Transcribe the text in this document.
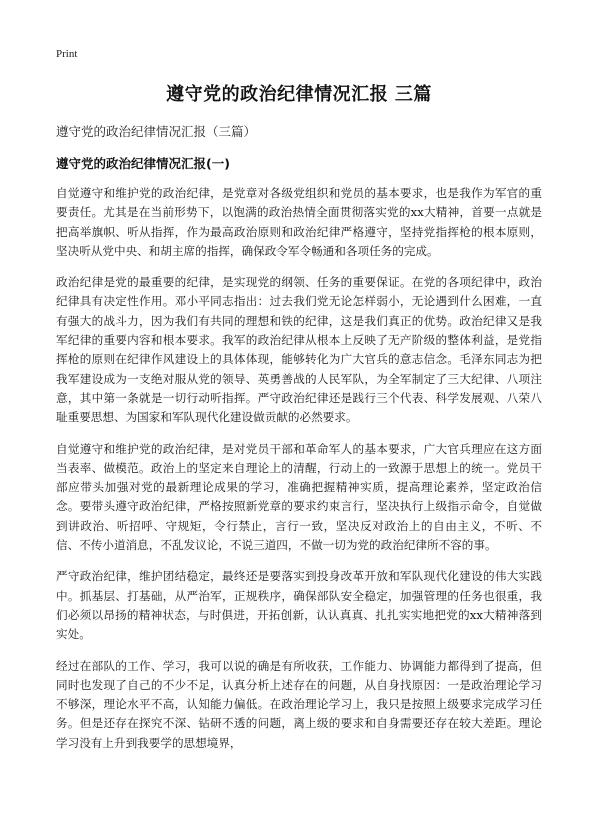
Print
遵守党的政治纪律情况汇报 三篇

遵守党的政治纪律情况汇报（三篇）

遵守党的政治纪律情况汇报(一)

自觉遵守和维护党的政治纪律，是党章对各级党组织和党员的基本要求，也是我作为军官的重要责任。尤其是在当前形势下，以饱满的政治热情全面贯彻落实党的xx大精神，首要一点就是把高举旗帜、听从指挥，作为最高政治原则和政治纪律严格遵守，坚持党指挥枪的根本原则，坚决听从党中央、和胡主席的指挥，确保政令军令畅通和各项任务的完成。

政治纪律是党的最重要的纪律，是实现党的纲领、任务的重要保证。在党的各项纪律中，政治纪律具有决定性作用。邓小平同志指出：过去我们党无论怎样弱小，无论遇到什么困难，一直有强大的战斗力，因为我们有共同的理想和铁的纪律，这是我们真正的优势。政治纪律又是我军纪律的重要内容和根本要求。我军的政治纪律从根本上反映了无产阶级的整体利益，是党指挥枪的原则在纪律作风建设上的具体体现，能够转化为广大官兵的意志信念。毛泽东同志为把我军建设成为一支绝对服从党的领导、英勇善战的人民军队，为全军制定了三大纪律、八项注意，其中第一条就是一切行动听指挥。严守政治纪律还是践行三个代表、科学发展观、八荣八耻重要思想、为国家和军队现代化建设做贡献的必然要求。

自觉遵守和维护党的政治纪律，是对党员干部和革命军人的基本要求，广大官兵理应在这方面当表率、做模范。政治上的坚定来自理论上的清醒，行动上的一致源于思想上的统一。党员干部应带头加强对党的最新理论成果的学习，准确把握精神实质，提高理论素养，坚定政治信念。要带头遵守政治纪律，严格按照新党章的要求约束言行，坚决执行上级指示命令，自觉做到讲政治、听招呼、守规矩，令行禁止，言行一致，坚决反对政治上的自由主义，不听、不信、不传小道消息，不乱发议论，不说三道四，不做一切为党的政治纪律所不容的事。

严守政治纪律，维护团结稳定，最终还是要落实到投身改革开放和军队现代化建设的伟大实践中。抓基层、打基础，从严治军，正规秩序，确保部队安全稳定，加强管理的任务也很重，我们必须以昂扬的精神状态，与时俱进，开拓创新，认认真真、扎扎实实地把党的xx大精神落到实处。

经过在部队的工作、学习，我可以说的确是有所收获，工作能力、协调能力都得到了提高，但同时也发现了自己的不少不足，认真分析上述存在的问题，从自身找原因：一是政治理论学习不够深，理论水平不高，认知能力偏低。在政治理论学习上，我只是按照上级要求完成学习任务。但是还存在探究不深、钻研不透的问题，离上级的要求和自身需要还存在较大差距。理论学习没有上升到我要学的思想境界，
